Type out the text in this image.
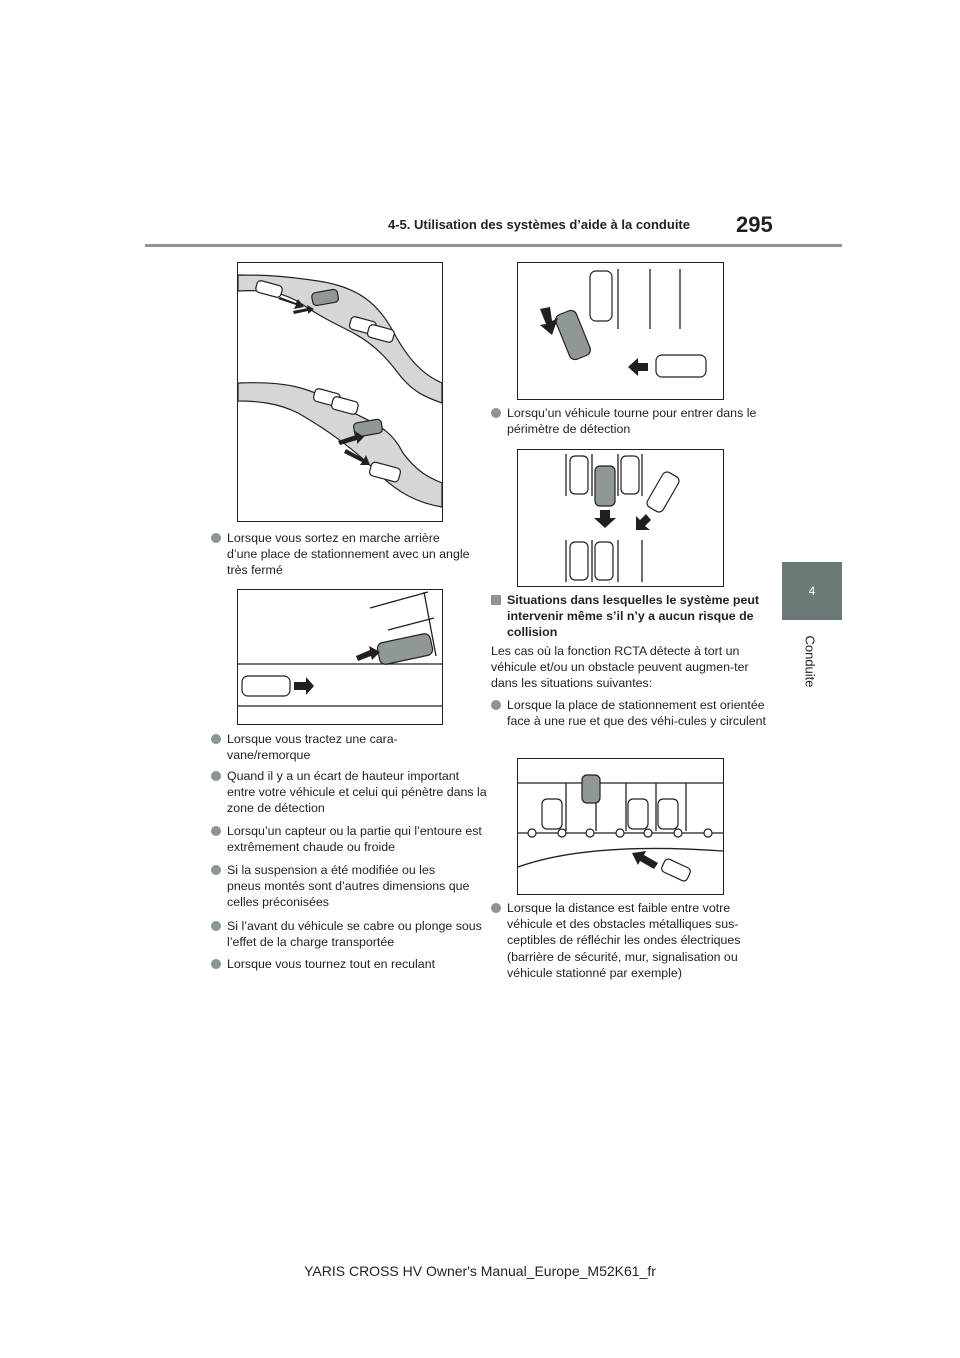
4-5. Utilisation des systèmes d’aide à la conduite 295
4
Conduite
Lorsque vous sortez en marche arrière d’une place de stationnement avec un angle très fermé
Lorsque vous tractez une cara-vane/remorque
Quand il y a un écart de hauteur important entre votre véhicule et celui qui pénètre dans la zone de détection
Lorsqu’un capteur ou la partie qui l’entoure est extrêmement chaude ou froide
Si la suspension a été modifiée ou les pneus montés sont d’autres dimensions que celles préconisées
Si l’avant du véhicule se cabre ou plonge sous l’effet de la charge transportée
Lorsque vous tournez tout en reculant
Lorsqu’un véhicule tourne pour entrer dans le périmètre de détection
Situations dans lesquelles le système peut intervenir même s’il n’y a aucun risque de collision
Les cas où la fonction RCTA détecte à tort un véhicule et/ou un obstacle peuvent augmen-ter dans les situations suivantes:
Lorsque la place de stationnement est orientée face à une rue et que des véhi-cules y circulent
Lorsque la distance est faible entre votre véhicule et des obstacles métalliques sus-ceptibles de réfléchir les ondes électriques (barrière de sécurité, mur, signalisation ou véhicule stationné par exemple)
YARIS CROSS HV Owner's Manual_Europe_M52K61_fr
